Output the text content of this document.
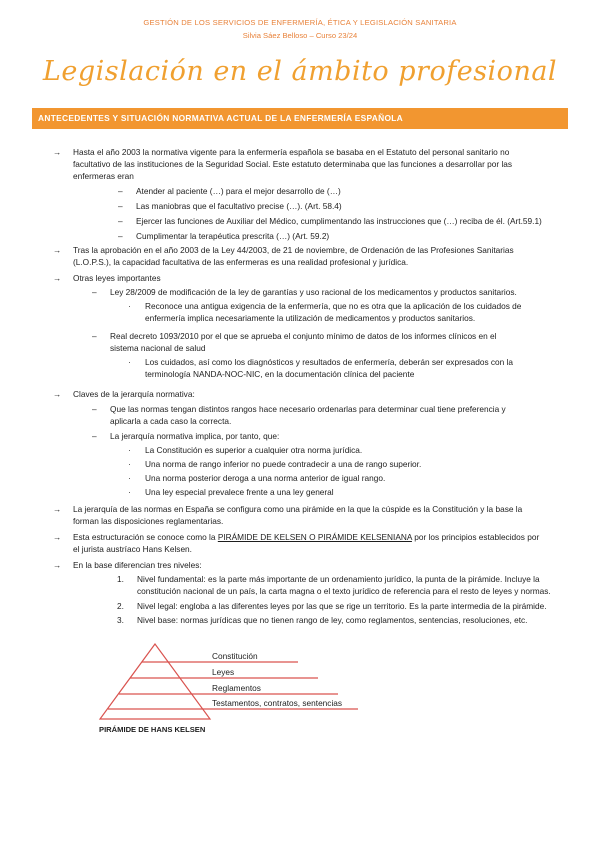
GESTIÓN DE LOS SERVICIOS DE ENFERMERÍA, ÉTICA Y LEGISLACIÓN SANITARIA
Silvia Sáez Belloso – Curso 23/24
Legislación en el ámbito profesional
ANTECEDENTES Y SITUACIÓN NORMATIVA ACTUAL DE LA ENFERMERÍA ESPAÑOLA
→ Hasta el año 2003 la normativa vigente para la enfermería española se basaba en el Estatuto del personal sanitario no
facultativo de las instituciones de la Seguridad Social. Este estatuto determinaba que las funciones a desarrollar por las
enfermeras eran
– Atender al paciente (…) para el mejor desarrollo de (…)
– Las maniobras que el facultativo precise (…). (Art. 58.4)
– Ejercer las funciones de Auxiliar del Médico, cumplimentando las instrucciones que (…) reciba de él. (Art.59.1)
– Cumplimentar la terapéutica prescrita (…) (Art. 59.2)
→ Tras la aprobación en el año 2003 de la Ley 44/2003, de 21 de noviembre, de Ordenación de las Profesiones Sanitarias
(L.O.P.S.), la capacidad facultativa de las enfermeras es una realidad profesional y jurídica.
→ Otras leyes importantes
– Ley 28/2009 de modificación de la ley de garantías y uso racional de los medicamentos y productos sanitarios.
· Reconoce una antigua exigencia de la enfermería, que no es otra que la aplicación de los cuidados de
enfermería implica necesariamente la utilización de medicamentos y productos sanitarios.
– Real decreto 1093/2010 por el que se aprueba el conjunto mínimo de datos de los informes clínicos en el
sistema nacional de salud
· Los cuidados, así como los diagnósticos y resultados de enfermería, deberán ser expresados con la
terminología NANDA-NOC-NIC, en la documentación clínica del paciente
→ Claves de la jerarquía normativa:
– Que las normas tengan distintos rangos hace necesario ordenarlas para determinar cual tiene preferencia y
aplicarla a cada caso la correcta.
– La jerarquía normativa implica, por tanto, que:
· La Constitución es superior a cualquier otra norma jurídica.
· Una norma de rango inferior no puede contradecir a una de rango superior.
· Una norma posterior deroga a una norma anterior de igual rango.
· Una ley especial prevalece frente a una ley general
→ La jerarquía de las normas en España se configura como una pirámide en la que la cúspide es la Constitución y la base la
forman las disposiciones reglamentarias.
→ Esta estructuración se conoce como la PIRÁMIDE DE KELSEN O PIRÁMIDE KELSENIANA por los principios establecidos por
el jurista austríaco Hans Kelsen.
→ En la base diferencian tres niveles:
1. Nivel fundamental: es la parte más importante de un ordenamiento jurídico, la punta de la pirámide. Incluye la
constitución nacional de un país, la carta magna o el texto jurídico de referencia para el resto de leyes y normas.
2. Nivel legal: engloba a las diferentes leyes por las que se rige un territorio. Es la parte intermedia de la pirámide.
3. Nivel base: normas jurídicas que no tienen rango de ley, como reglamentos, sentencias, resoluciones, etc.
Constitución
Leyes
Reglamentos
Testamentos, contratos, sentencias
PIRÁMIDE DE HANS KELSEN
